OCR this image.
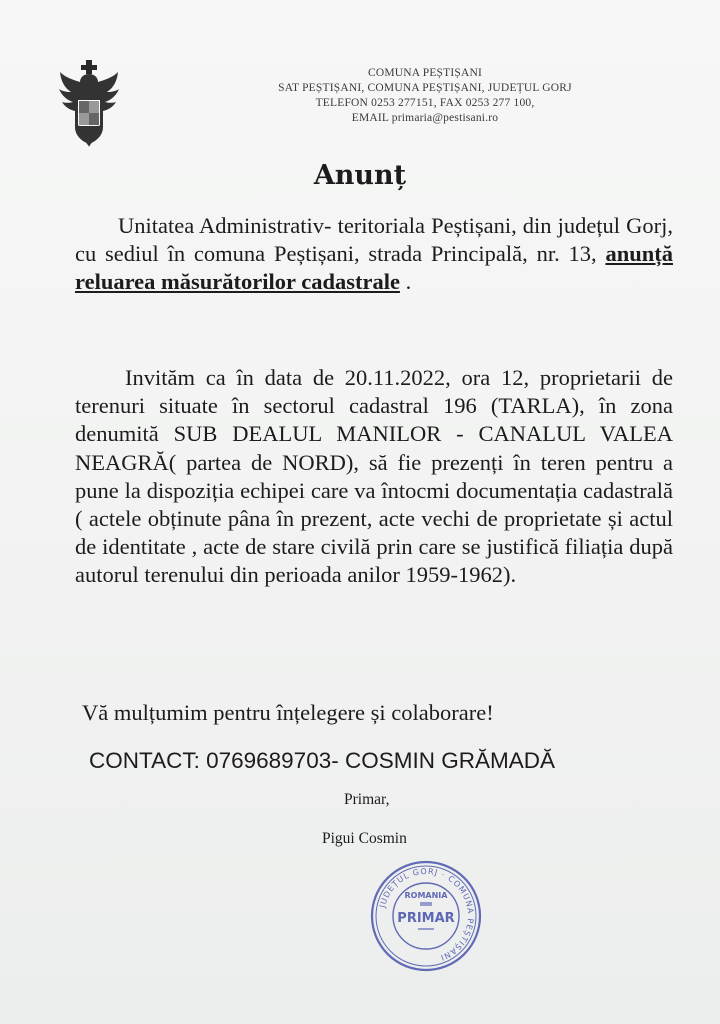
COMUNA PEȘTIȘANI
SAT PEȘTIȘANI, COMUNA PEȘTIȘANI, JUDEȚUL GORJ
TELEFON 0253 277151, FAX 0253 277 100,
EMAIL primaria@pestisani.ro
Anunț
Unitatea Administrativ- teritoriala Peștișani, din județul Gorj, cu sediul în comuna Peștișani, strada Principală, nr. 13, anunță reluarea măsurătorilor cadastrale .
Invităm ca în data de 20.11.2022, ora 12, proprietarii de terenuri situate în sectorul cadastral 196 (TARLA), în zona denumită SUB DEALUL MANILOR - CANALUL VALEA NEAGRĂ( partea de NORD), să fie prezenți în teren pentru a pune la dispoziția echipei care va întocmi documentația cadastrală ( actele obținute pâna în prezent, acte vechi de proprietate și actul de identitate , acte de stare civilă prin care se justifică filiația după autorul terenului din perioada anilor 1959-1962).
Vă mulțumim pentru înțelegere și colaborare!
CONTACT: 0769689703- COSMIN GRĂMADĂ
Primar,
Pigui Cosmin
JUDEȚUL GORJ · COMUNA PEȘTIȘANI
ROMANIA
PRIMAR
